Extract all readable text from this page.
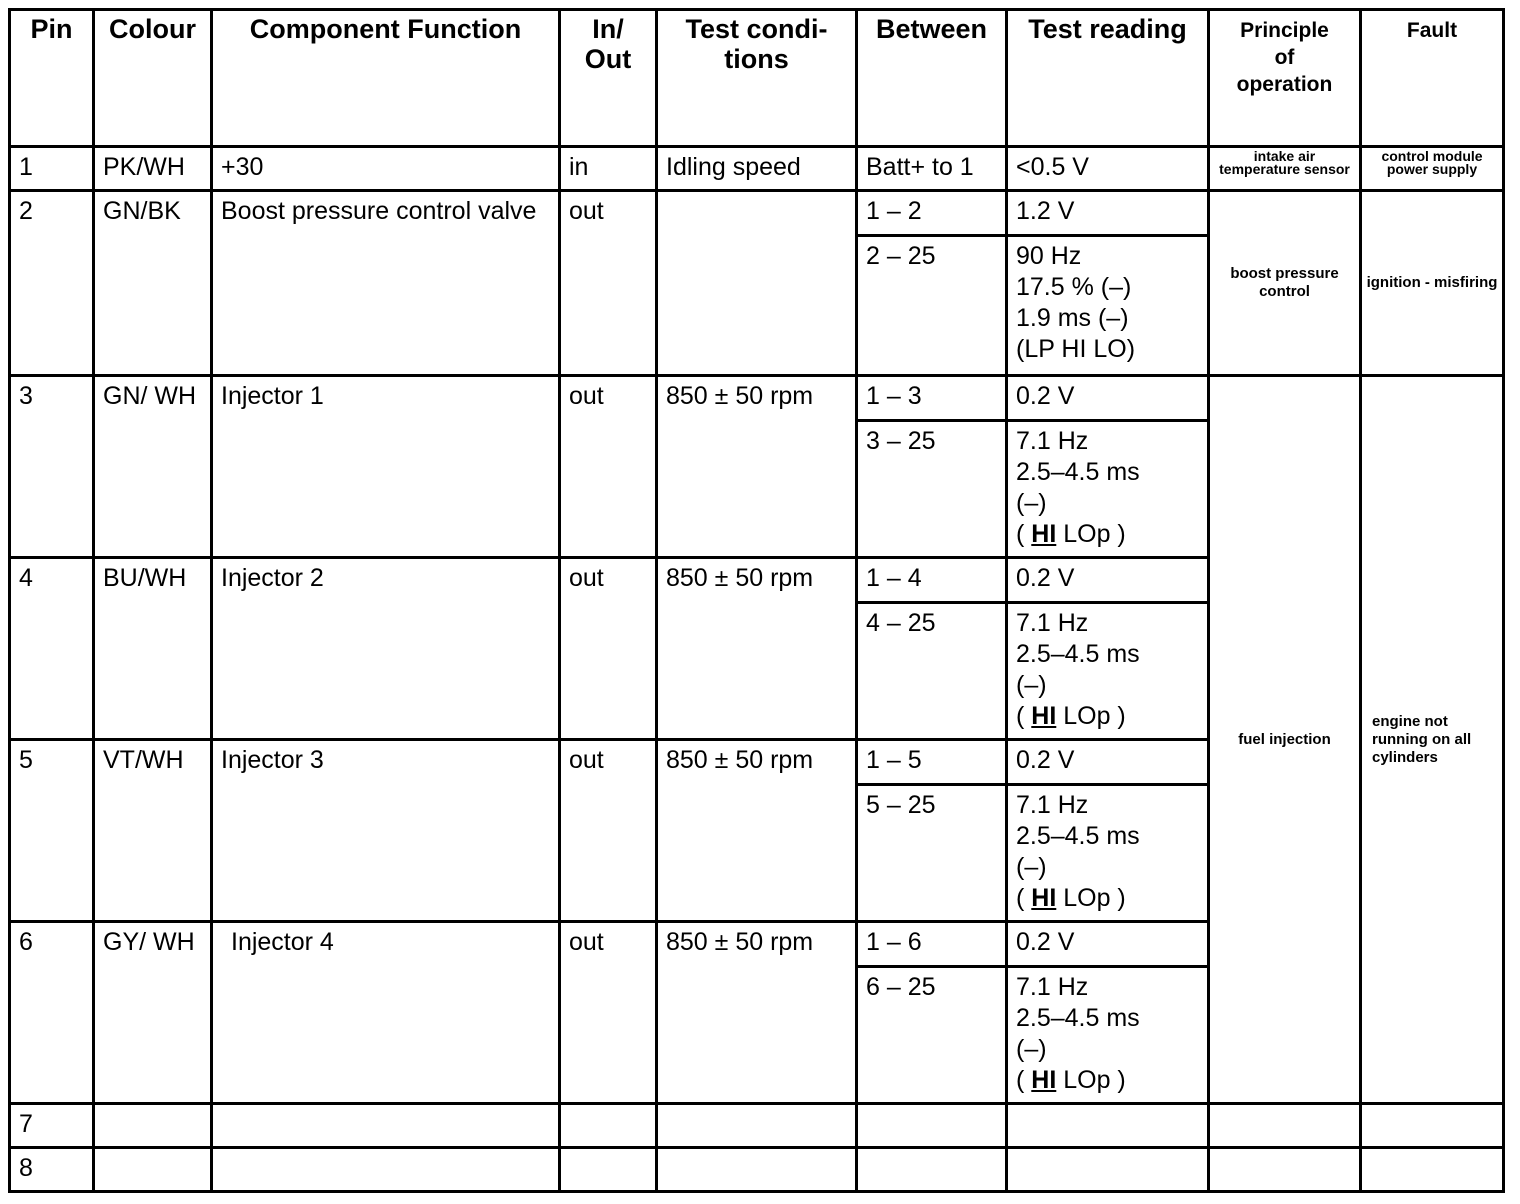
Pin	Colour	Component Function	In/
Out	Test condi-
tions	Between	Test reading	Principle
of
operation	Fault
1	PK/WH	+30	in	Idling speed	Batt+ to 1	<0.5 V	intake air temperature sensor	control module power supply
2	GN/BK	Boost pressure control valve	out		1 – 2	1.2 V	boost pressure control	ignition - misfiring
					2 – 25	90 Hz
17.5 % (–)
1.9 ms (–)
(LP HI LO)		

3	GN/ WH	Injector 1	out	850 ± 50 rpm	1 – 3	0.2 V	fuel injection	engine not running on all cylinders
					3 – 25	7.1 Hz
2.5–4.5 ms
(–)
( HI LOp )		

4	BU/WH	Injector 2	out	850 ± 50 rpm	1 – 4	0.2 V		
					4 – 25	7.1 Hz
2.5–4.5 ms
(–)
( HI LOp )		

5	VT/WH	Injector 3	out	850 ± 50 rpm	1 – 5	0.2 V		
					5 – 25	7.1 Hz
2.5–4.5 ms
(–)
( HI LOp )		

6	GY/ WH	Injector 4	out	850 ± 50 rpm	1 – 6	0.2 V		
					6 – 25	7.1 Hz
2.5–4.5 ms
(–)
( HI LOp )		

7								
8								
